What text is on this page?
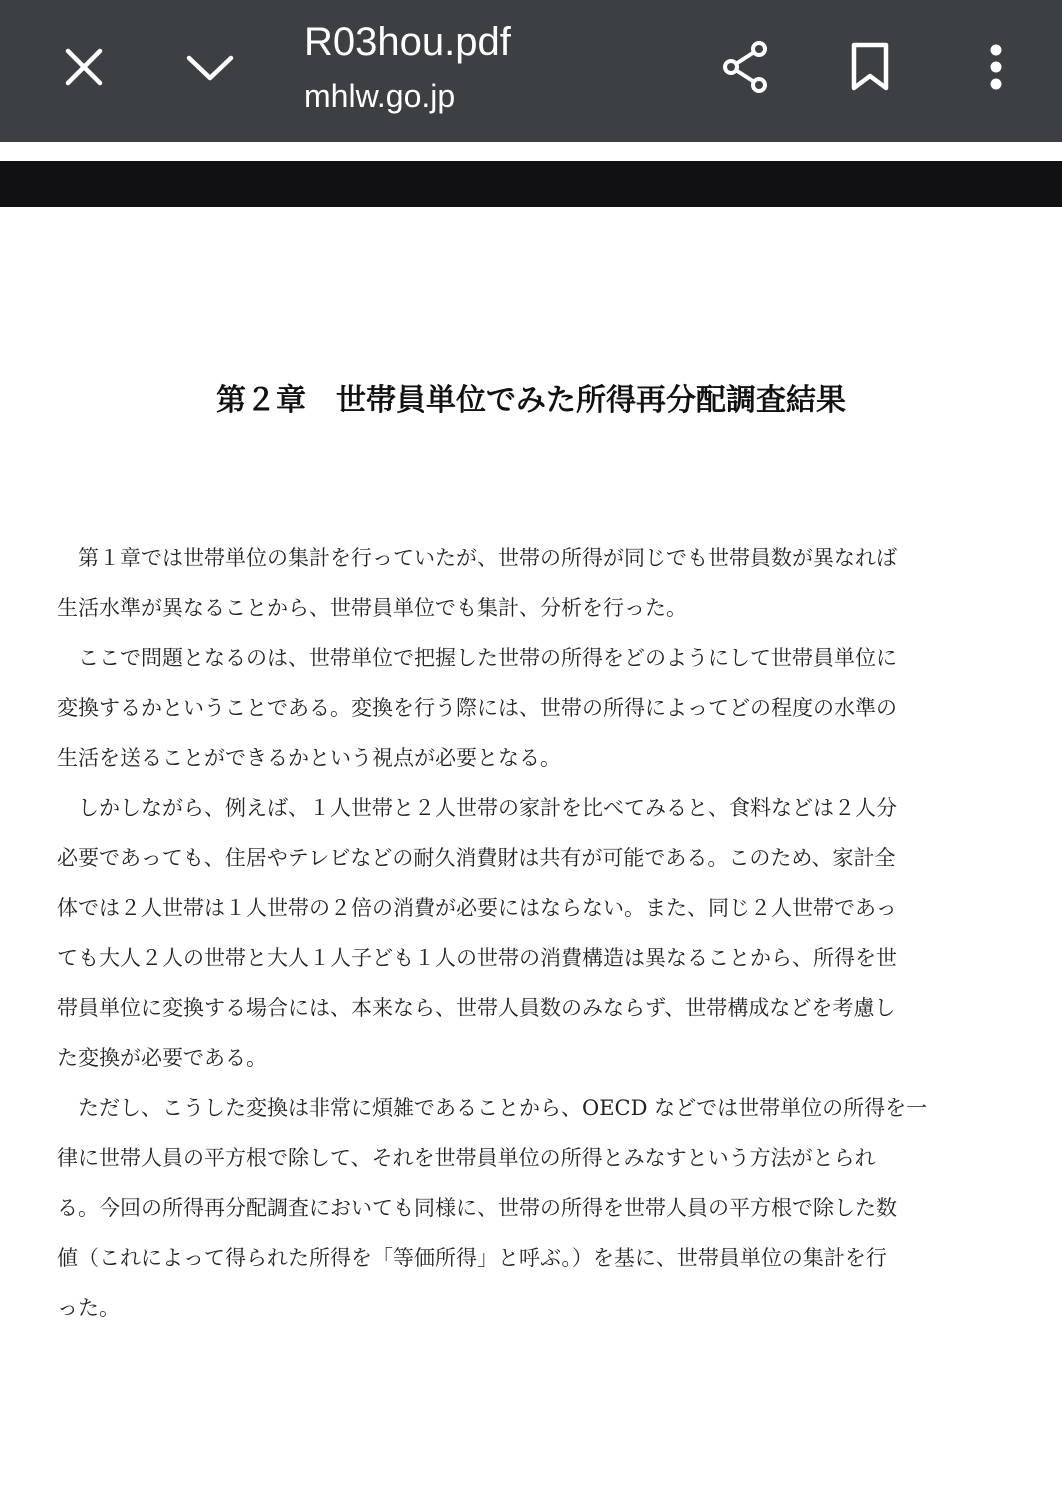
R03hou.pdf
mhlw.go.jp
第２章　世帯員単位でみた所得再分配調査結果
　第１章では世帯単位の集計を行っていたが、世帯の所得が同じでも世帯員数が異なれば
生活水準が異なることから、世帯員単位でも集計、分析を行った。
　ここで問題となるのは、世帯単位で把握した世帯の所得をどのようにして世帯員単位に
変換するかということである。変換を行う際には、世帯の所得によってどの程度の水準の
生活を送ることができるかという視点が必要となる。
　しかしながら、例えば、１人世帯と２人世帯の家計を比べてみると、食料などは２人分
必要であっても、住居やテレビなどの耐久消費財は共有が可能である。このため、家計全
体では２人世帯は１人世帯の２倍の消費が必要にはならない。また、同じ２人世帯であっ
ても大人２人の世帯と大人１人子ども１人の世帯の消費構造は異なることから、所得を世
帯員単位に変換する場合には、本来なら、世帯人員数のみならず、世帯構成などを考慮し
た変換が必要である。
　ただし、こうした変換は非常に煩雑であることから、OECD などでは世帯単位の所得を一
律に世帯人員の平方根で除して、それを世帯員単位の所得とみなすという方法がとられ
る。今回の所得再分配調査においても同様に、世帯の所得を世帯人員の平方根で除した数
値（これによって得られた所得を「等価所得」と呼ぶ。）を基に、世帯員単位の集計を行
った。
